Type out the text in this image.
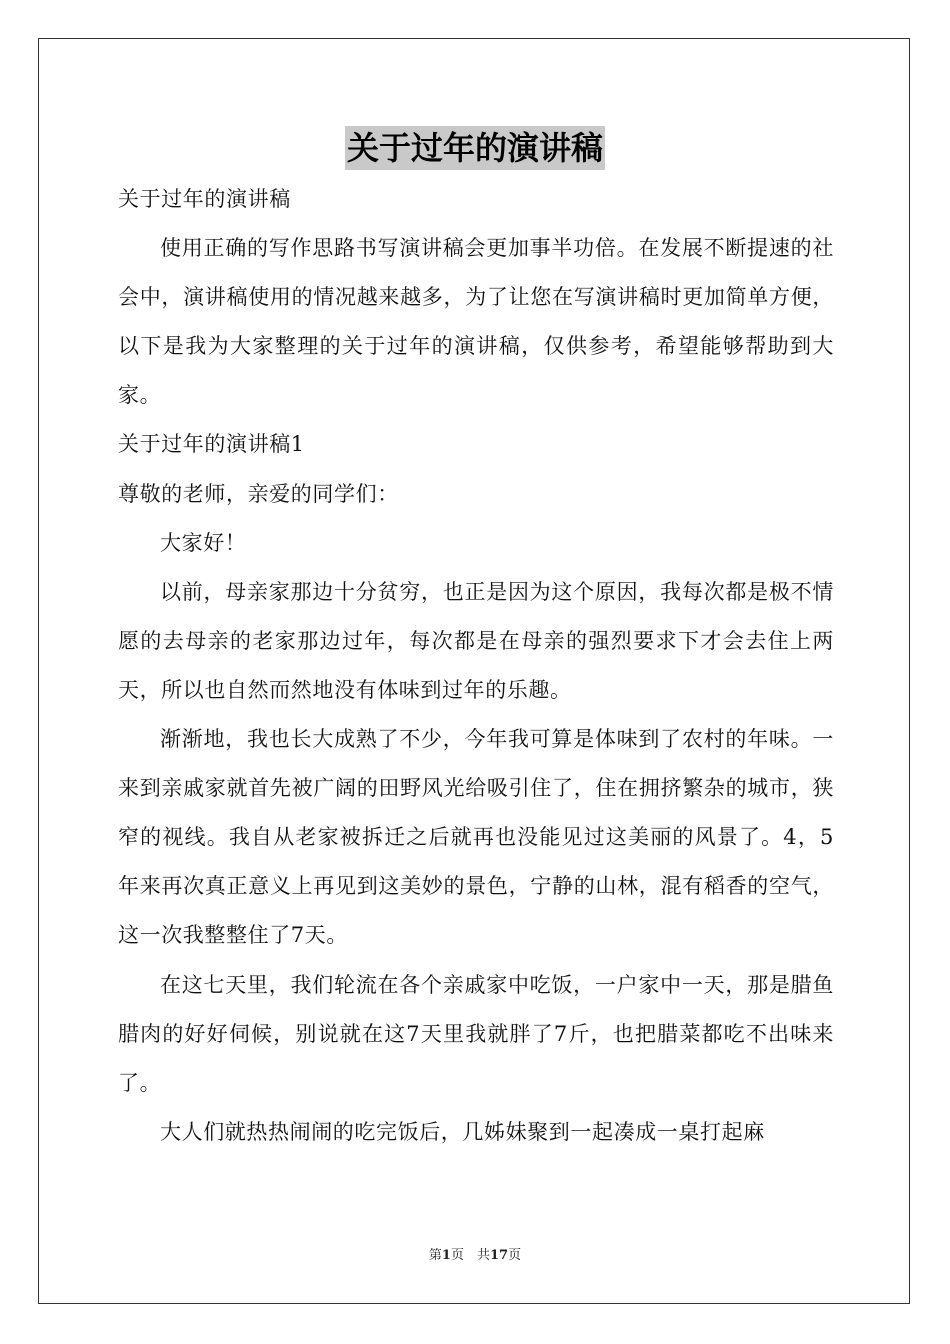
关于过年的演讲稿

关于过年的演讲稿

使用正确的写作思路书写演讲稿会更加事半功倍。在发展不断提速的社会中，演讲稿使用的情况越来越多，为了让您在写演讲稿时更加简单方便，以下是我为大家整理的关于过年的演讲稿，仅供参考，希望能够帮助到大家。

关于过年的演讲稿1

尊敬的老师，亲爱的同学们：

大家好！

以前，母亲家那边十分贫穷，也正是因为这个原因，我每次都是极不情愿的去母亲的老家那边过年，每次都是在母亲的强烈要求下才会去住上两天，所以也自然而然地没有体味到过年的乐趣。

渐渐地，我也长大成熟了不少，今年我可算是体味到了农村的年味。一来到亲戚家就首先被广阔的田野风光给吸引住了，住在拥挤繁杂的城市，狭窄的视线。我自从老家被拆迁之后就再也没能见过这美丽的风景了。4，5年来再次真正意义上再见到这美妙的景色，宁静的山林，混有稻香的空气，这一次我整整住了7天。

在这七天里，我们轮流在各个亲戚家中吃饭，一户家中一天，那是腊鱼腊肉的好好伺候，别说就在这7天里我就胖了7斤，也把腊菜都吃不出味来了。

大人们就热热闹闹的吃完饭后，几姊妹聚到一起凑成一桌打起麻

第1页　共17页
